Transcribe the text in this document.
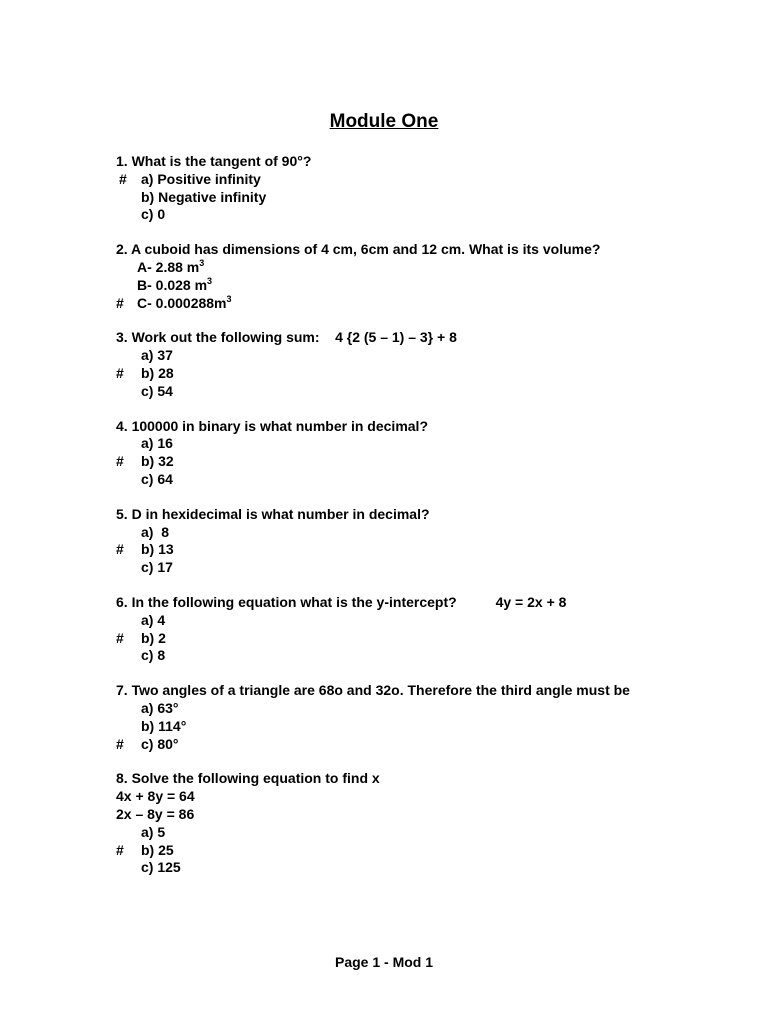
Module One
1. What is the tangent of 90°?
# a) Positive infinity
b) Negative infinity
c) 0
2. A cuboid has dimensions of 4 cm, 6cm and 12 cm. What is its volume?
A- 2.88 $m^3$
B- 0.028 $m^3$
# C- $0.000288m^3$
3. Work out the following sum:    4 {2 (5 – 1) – 3} + 8
a) 37
# b) 28
c) 54
4. 100000 in binary is what number in decimal?
a) 16
# b) 32
c) 64
5. D in hexidecimal is what number in decimal?
a)  8
# b) 13
c) 17
6. In the following equation what is the y-intercept?          4y = 2x + 8
a) 4
# b) 2
c) 8
7. Two angles of a triangle are 68o and 32o. Therefore the third angle must be
a) 63°
b) 114°
# c) 80°
8. Solve the following equation to find x
4x + 8y = 64
2x – 8y = 86
a) 5
# b) 25
c) 125
Page 1 - Mod 1
